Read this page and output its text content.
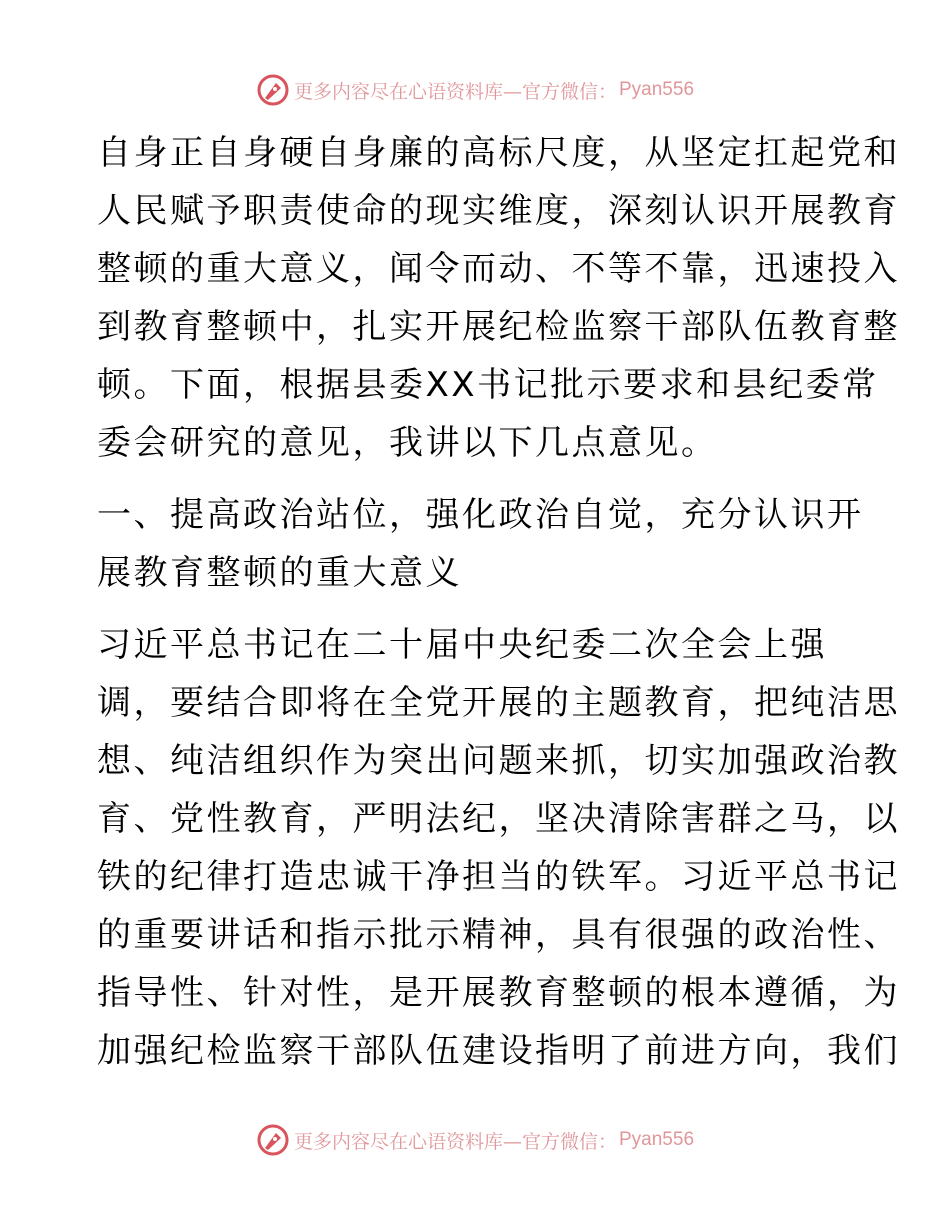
更多内容尽在心语资料库—官方微信： Pyan556
自身正自身硬自身廉的高标尺度，从坚定扛起党和
人民赋予职责使命的现实维度，深刻认识开展教育
整顿的重大意义，闻令而动、不等不靠，迅速投入
到教育整顿中，扎实开展纪检监察干部队伍教育整
顿。下面，根据县委XX书记批示要求和县纪委常
委会研究的意见，我讲以下几点意见。
一、提高政治站位，强化政治自觉，充分认识开
展教育整顿的重大意义
习近平总书记在二十届中央纪委二次全会上强
调，要结合即将在全党开展的主题教育，把纯洁思
想、纯洁组织作为突出问题来抓，切实加强政治教
育、党性教育，严明法纪，坚决清除害群之马，以
铁的纪律打造忠诚干净担当的铁军。习近平总书记
的重要讲话和指示批示精神，具有很强的政治性、
指导性、针对性，是开展教育整顿的根本遵循，为
加强纪检监察干部队伍建设指明了前进方向，我们
更多内容尽在心语资料库—官方微信： Pyan556
